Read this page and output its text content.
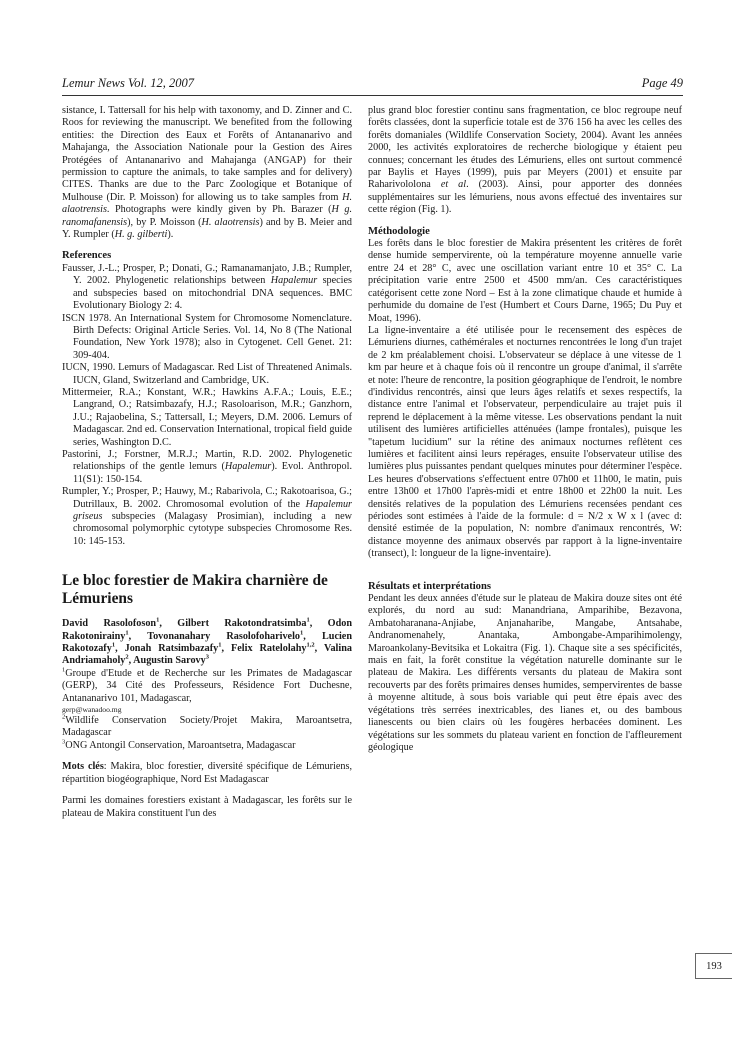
Lemur News Vol. 12, 2007	Page 49

sistance, I. Tattersall for his help with taxonomy, and D. Zinner and C. Roos for reviewing the manuscript. We benefited from the following entities: the Direction des Eaux et Forêts of Antananarivo and Mahajanga, the Association Nationale pour la Gestion des Aires Protégées of Antananarivo and Mahajanga (ANGAP) for their permission to capture the animals, to take samples and for delivery) CITES. Thanks are due to the Parc Zoologique et Botanique of Mulhouse (Dir. P. Moisson) for allowing us to take samples from H. alaotrensis. Photographs were kindly given by Ph. Barazer (H g. ranomafanensis), by P. Moisson (H. alaotrensis) and by B. Meier and Y. Rumpler (H. g. gilberti).

References

Fausser, J.-L.; Prosper, P.; Donati, G.; Ramanamanjato, J.B.; Rumpler, Y. 2002. Phylogenetic relationships between Hapalemur species and subspecies based on mitochondrial DNA sequences. BMC Evolutionary Biology 2: 4.

ISCN 1978. An International System for Chromosome Nomenclature. Birth Defects: Original Article Series. Vol. 14, No 8 (The National Foundation, New York 1978); also in Cytogenet. Cell Genet. 21: 309-404.

IUCN, 1990. Lemurs of Madagascar. Red List of Threatened Animals. IUCN, Gland, Switzerland and Cambridge, UK.

Mittermeier, R.A.; Konstant, W.R.; Hawkins A.F.A.; Louis, E.E.; Langrand, O.; Ratsimbazafy, H.J.; Rasoloarison, M.R.; Ganzhorn, J.U.; Rajaobelina, S.; Tattersall, I.; Meyers, D.M. 2006. Lemurs of Madagascar. 2nd ed. Conservation International, tropical field guide series, Washington D.C.

Pastorini, J.; Forstner, M.R.J.; Martin, R.D. 2002. Phylogenetic relationships of the gentle lemurs (Hapalemur). Evol. Anthropol. 11(S1): 150-154.

Rumpler, Y.; Prosper, P.; Hauwy, M.; Rabarivola, C.; Rakotoarisoa, G.; Dutrillaux, B. 2002. Chromosomal evolution of the Hapalemur griseus subspecies (Malagasy Prosimian), including a new chromosomal polymorphic cytotype subspecies Chromosome Res. 10: 145-153.

Le bloc forestier de Makira charnière de Lémuriens

David Rasolofoson$^1$, Gilbert Rakotondratsimba$^1$, Odon Rakotonirainy$^1$, Tovonanahary Rasolofoharivelo$^1$, Lucien Rakotozafy$^1$, Jonah Ratsimbazafy$^1$, Felix Ratelolahy$^{1,2}$, Valina Andriamaholy$^2$, Augustin Sarovy$^3$

$^1$Groupe d'Etude et de Recherche sur les Primates de Madagascar (GERP), 34 Cité des Professeurs, Résidence Fort Duchesne, Antananarivo 101, Madagascar,

gerp@wanadoo.mg

$^2$Wildlife Conservation Society/Projet Makira, Maroantsetra, Madagascar

$^3$ONG Antongil Conservation, Maroantsetra, Madagascar

Mots clés: Makira, bloc forestier, diversité spécifique de Lémuriens, répartition biogéographique, Nord Est Madagascar

Parmi les domaines forestiers existant à Madagascar, les forêts sur le plateau de Makira constituent l'un des

plus grand bloc forestier continu sans fragmentation, ce bloc regroupe neuf forêts classées, dont la superficie totale est de 376 156 ha avec les celles des forêts domaniales (Wildlife Conservation Society, 2004). Avant les années 2000, les activités exploratoires de recherche biologique y étaient peu connues; concernant les études des Lémuriens, elles ont surtout commencé par Baylis et Hayes (1999), puis par Meyers (2001) et ensuite par Raharivololona et al. (2003). Ainsi, pour apporter des données supplémentaires sur les lémuriens, nous avons effectué des inventaires sur cette région (Fig. 1).

Méthodologie

Les forêts dans le bloc forestier de Makira présentent les critères de forêt dense humide sempervirente, où la température moyenne annuelle varie entre 24 et 28° C, avec une oscillation variant entre 10 et 35° C. La précipitation varie entre 2500 et 4500 mm/an. Ces caractéristiques catégorisent cette zone Nord – Est à la zone climatique chaude et humide à perhumide du domaine de l'est (Humbert et Cours Darne, 1965; Du Puy et Moat, 1996).

La ligne-inventaire a été utilisée pour le recensement des espèces de Lémuriens diurnes, cathémérales et nocturnes rencontrées le long d'un trajet de 2 km préalablement choisi. L'observateur se déplace à une vitesse de 1 km par heure et à chaque fois où il rencontre un groupe d'animal, il s'arrête et note: l'heure de rencontre, la position géographique de l'endroit, le nombre d'individus rencontrés, ainsi que leurs âges relatifs et sexes respectifs, la distance entre l'animal et l'observateur, perpendiculaire au trajet puis il reprend le déplacement à la même vitesse. Les observations pendant la nuit utilisent des lumières artificielles atténuées (lampe frontales), puisque les "tapetum lucidium" sur la rétine des animaux nocturnes reflètent ces lumières et facilitent ainsi leurs repérages, ensuite l'observateur utilise des lumières plus puissantes pendant quelques minutes pour déterminer l'espèce. Les heures d'observations s'effectuent entre 07h00 et 11h00, le matin, puis entre 13h00 et 17h00 l'après-midi et entre 18h00 et 22h00 la nuit. Les densités relatives de la population des Lémuriens recensées pendant ces périodes sont estimées à l'aide de la formule: d = N/2 x W x l (avec d: densité estimée de la population, N: nombre d'animaux rencontrés, W: distance moyenne des animaux observés par rapport à la ligne-inventaire (transect), l: longueur de la ligne-inventaire).

Résultats et interprétations

Pendant les deux années d'étude sur le plateau de Makira douze sites ont été explorés, du nord au sud: Manandriana, Amparihibe, Bezavona, Ambatoharanana-Anjiabe, Anjanaharibe, Mangabe, Antsahabe, Andranomenahely, Anantaka, Ambongabe-Amparihimolengy, Maroankolany-Bevitsika et Lokaitra (Fig. 1). Chaque site a ses spécificités, mais en fait, la forêt constitue la végétation naturelle dominante sur le plateau de Makira. Les différents versants du plateau de Makira sont recouverts par des forêts primaires denses humides, sempervirentes de basse à moyenne altitude, à sous bois variable qui peut être épais avec des végétations très serrées inextricables, des lianes et, ou des bambous lianescents ou bien clairs où les fougères herbacées dominent. Les végétations sur les sommets du plateau varient en fonction de l'affleurement géologique

193
